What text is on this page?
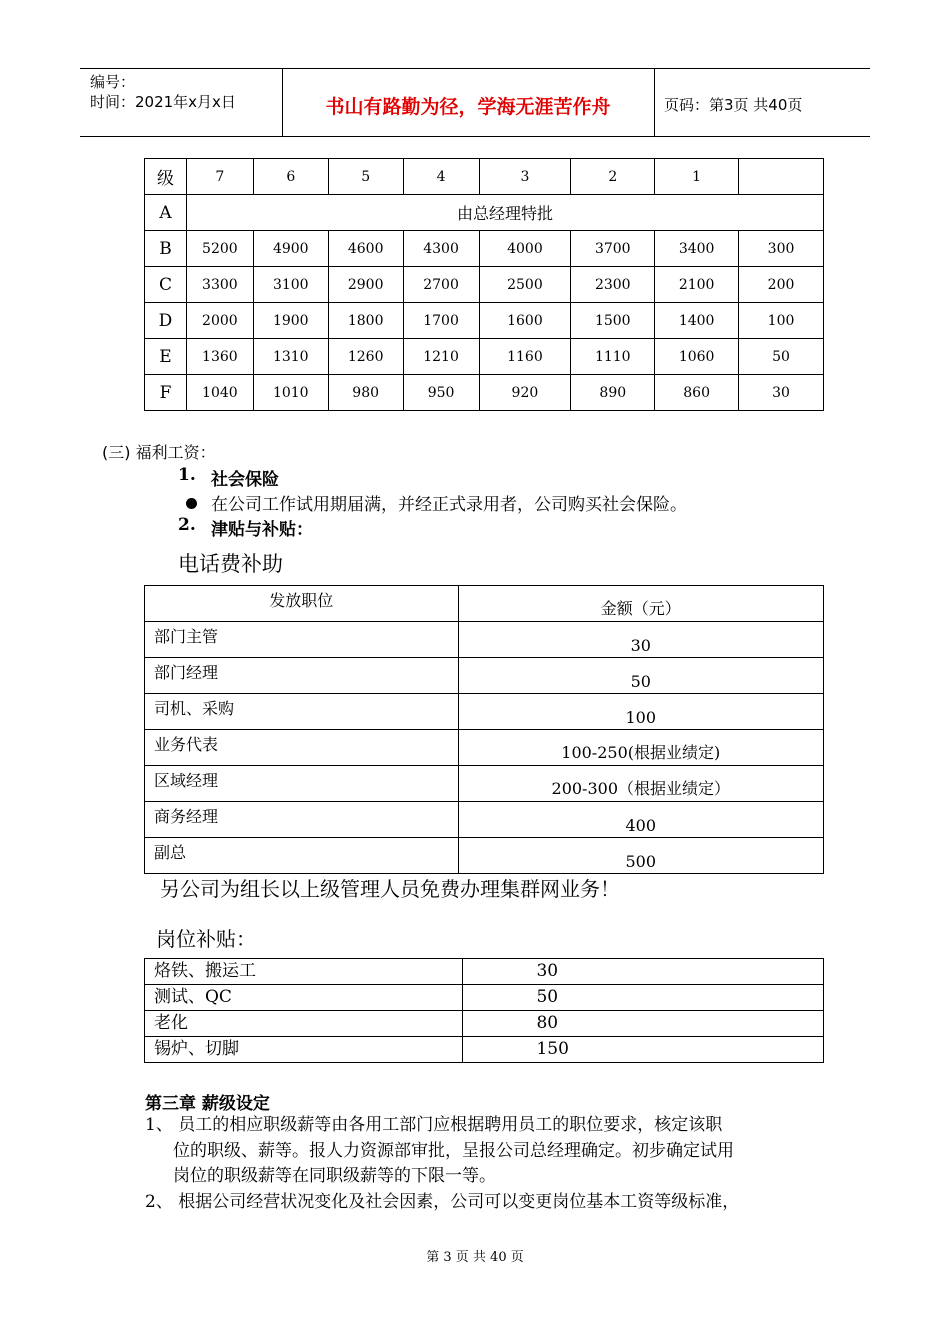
编号：
时间：2021年x月x日	书山有路勤为径，学海无涯苦作舟	页码：第3页 共40页
级	7	6	5	4	3	2	1	
A	由总经理特批							
B	5200	4900	4600	4300	4000	3700	3400	300
C	3300	3100	2900	2700	2500	2300	2100	200
D	2000	1900	1800	1700	1600	1500	1400	100
E	1360	1310	1260	1210	1160	1110	1060	50
F	1040	1010	980	950	920	890	860	30
(三) 福利工资：
1. 社会保险
在公司工作试用期届满，并经正式录用者，公司购买社会保险。
2. 津贴与补贴：
电话费补助
发放职位	金额（元）
部门主管	30
部门经理	50
司机、采购	100
业务代表	100-250(根据业绩定)
区域经理	200-300（根据业绩定）
商务经理	400
副总	500
另公司为组长以上级管理人员免费办理集群网业务！
岗位补贴：
烙铁、搬运工	30
测试、QC	50
老化	80
锡炉、切脚	150
第三章 薪级设定
1、 员工的相应职级薪等由各用工部门应根据聘用员工的职位要求，核定该职
位的职级、薪等。报人力资源部审批，呈报公司总经理确定。初步确定试用
岗位的职级薪等在同职级薪等的下限一等。
2、 根据公司经营状况变化及社会因素，公司可以变更岗位基本工资等级标准，
第 3 页 共 40 页
